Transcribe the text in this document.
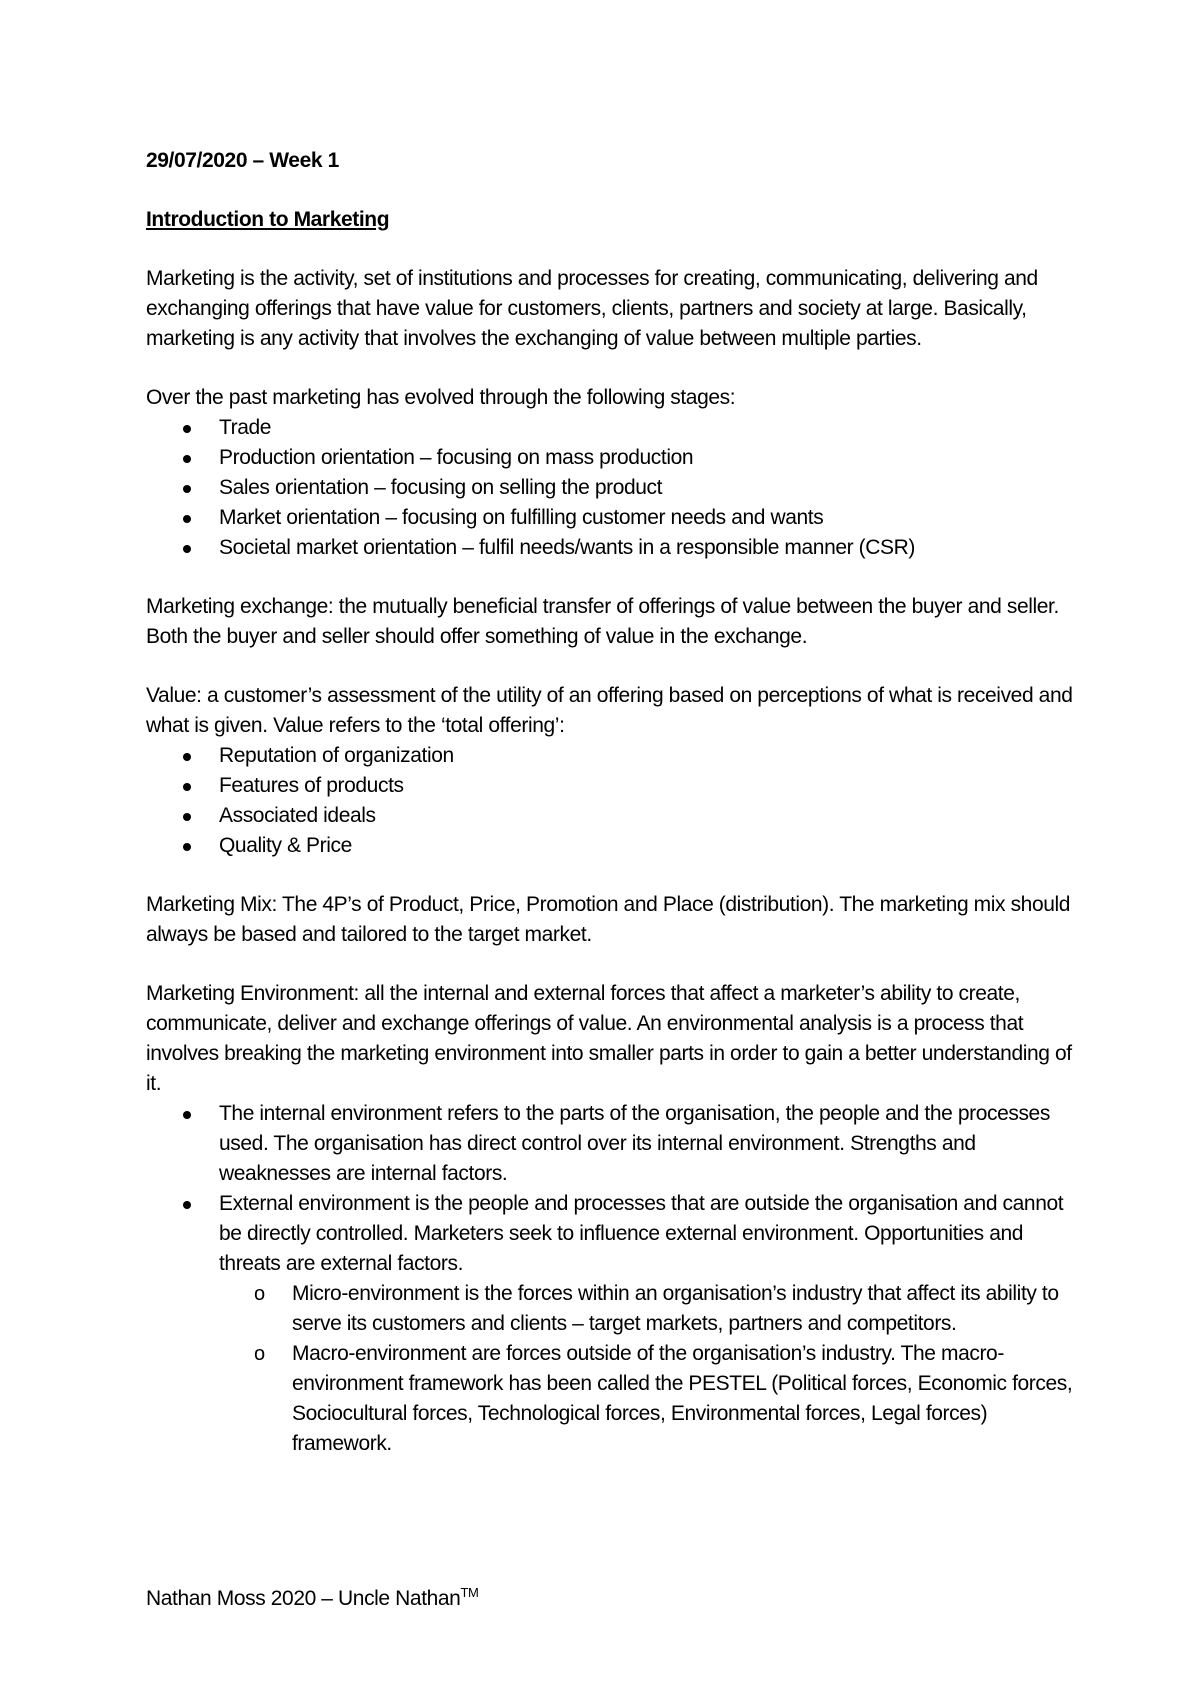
29/07/2020 – Week 1

Introduction to Marketing

Marketing is the activity, set of institutions and processes for creating, communicating, delivering and exchanging offerings that have value for customers, clients, partners and society at large. Basically, marketing is any activity that involves the exchanging of value between multiple parties.

Over the past marketing has evolved through the following stages:

Trade
Production orientation – focusing on mass production
Sales orientation – focusing on selling the product
Market orientation – focusing on fulfilling customer needs and wants
Societal market orientation – fulfil needs/wants in a responsible manner (CSR)

Marketing exchange: the mutually beneficial transfer of offerings of value between the buyer and seller. Both the buyer and seller should offer something of value in the exchange.

Value: a customer’s assessment of the utility of an offering based on perceptions of what is received and what is given. Value refers to the ‘total offering’:

Reputation of organization
Features of products
Associated ideals
Quality & Price

Marketing Mix: The 4P’s of Product, Price, Promotion and Place (distribution). The marketing mix should always be based and tailored to the target market.

Marketing Environment: all the internal and external forces that affect a marketer’s ability to create, communicate, deliver and exchange offerings of value. An environmental analysis is a process that involves breaking the marketing environment into smaller parts in order to gain a better understanding of it.

The internal environment refers to the parts of the organisation, the people and the processes used. The organisation has direct control over its internal environment. Strengths and weaknesses are internal factors.
External environment is the people and processes that are outside the organisation and cannot be directly controlled. Marketers seek to influence external environment. Opportunities and threats are external factors.
o Micro-environment is the forces within an organisation’s industry that affect its ability to serve its customers and clients – target markets, partners and competitors.
o Macro-environment are forces outside of the organisation’s industry. The macro-environment framework has been called the PESTEL (Political forces, Economic forces, Sociocultural forces, Technological forces, Environmental forces, Legal forces) framework.
Nathan Moss 2020 – Uncle Nathan™
